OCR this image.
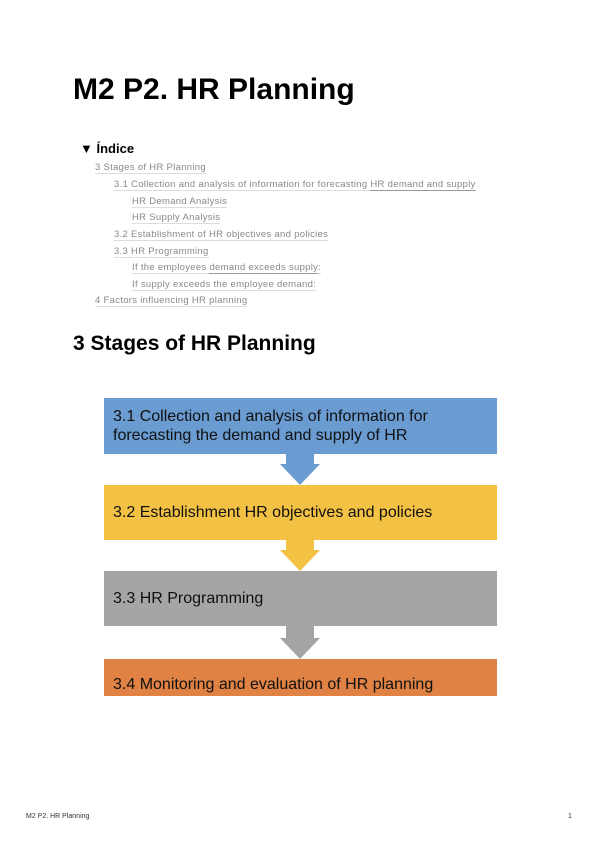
M2 P2. HR Planning
▼ Índice
3 Stages of HR Planning
3.1 Collection and analysis of information for forecasting HR demand and supply
HR Demand Analysis
HR Supply Analysis
3.2 Establishment of HR objectives and policies
3.3 HR Programming
If the employees demand exceeds supply:
If supply exceeds the employee demand:
4 Factors influencing HR planning
3 Stages of HR Planning
3.1 Collection and analysis of information for forecasting the demand and supply of HR
3.2 Establishment HR objectives and policies
3.3 HR Programming
3.4 Monitoring and evaluation of HR planning
M2 P2. HR Planning	1
